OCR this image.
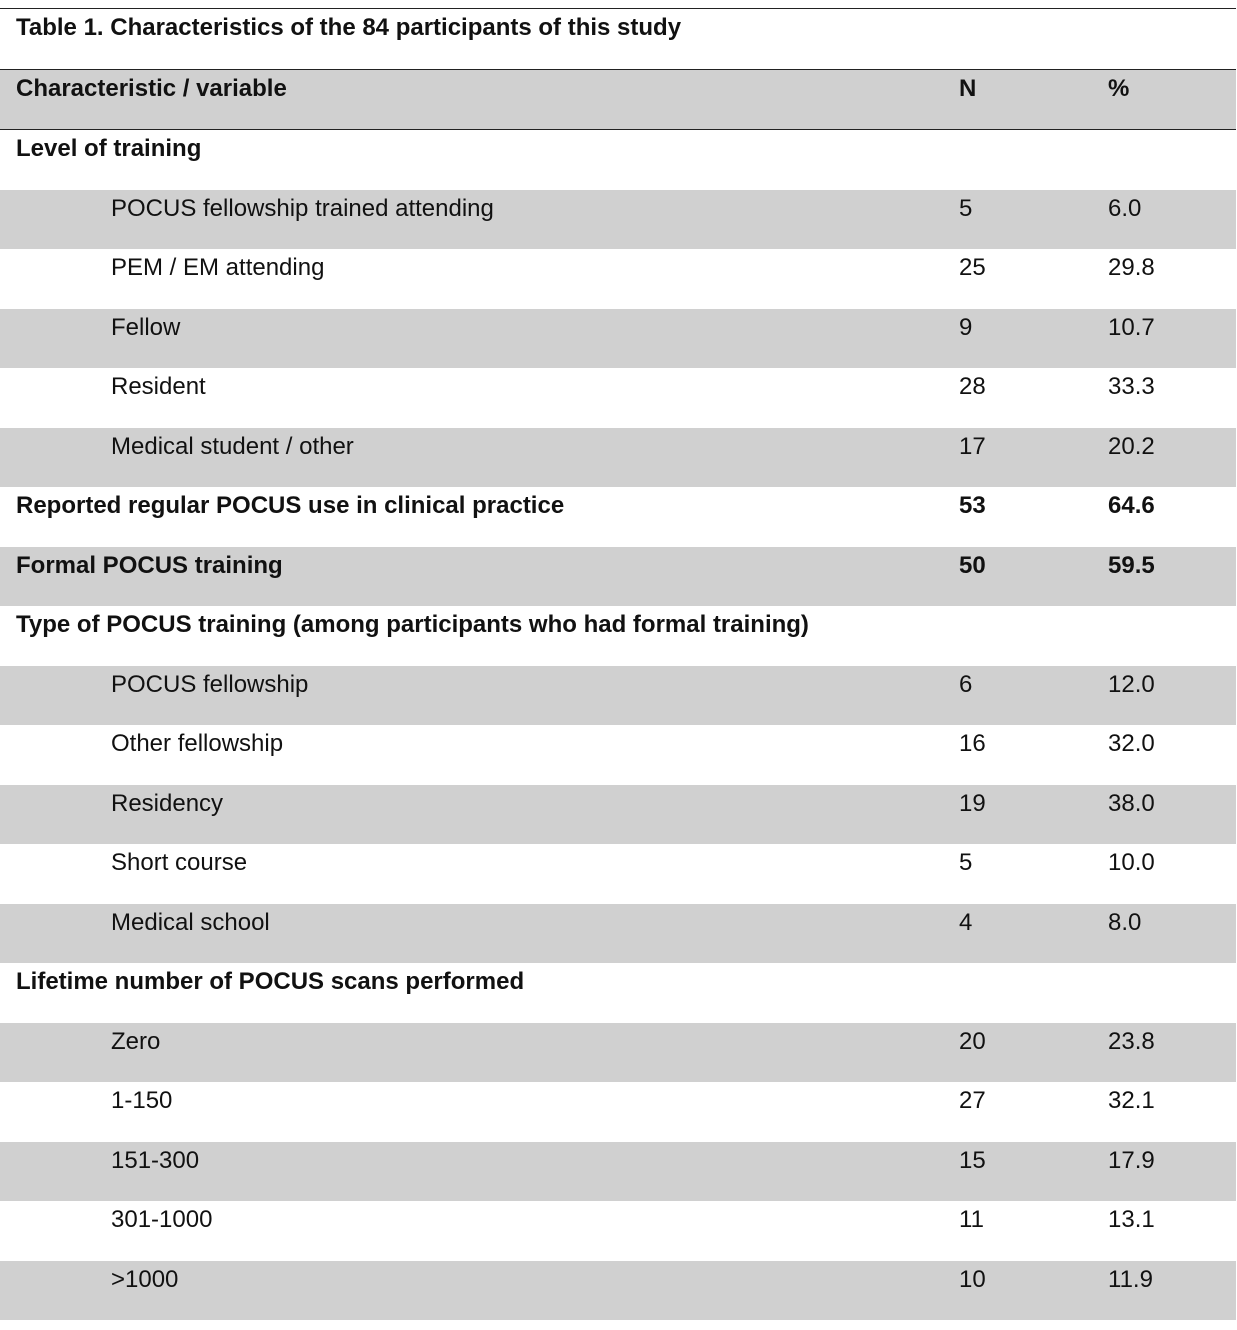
Table 1. Characteristics of the 84 participants of this study
Characteristic / variable	N	%
Level of training
POCUS fellowship trained attending	5	6.0
PEM / EM attending	25	29.8
Fellow	9	10.7
Resident	28	33.3
Medical student / other	17	20.2
Reported regular POCUS use in clinical practice	53	64.6
Formal POCUS training	50	59.5
Type of POCUS training (among participants who had formal training)
POCUS fellowship	6	12.0
Other fellowship	16	32.0
Residency	19	38.0
Short course	5	10.0
Medical school	4	8.0
Lifetime number of POCUS scans performed
Zero	20	23.8
1-150	27	32.1
151-300	15	17.9
301-1000	11	13.1
>1000	10	11.9
